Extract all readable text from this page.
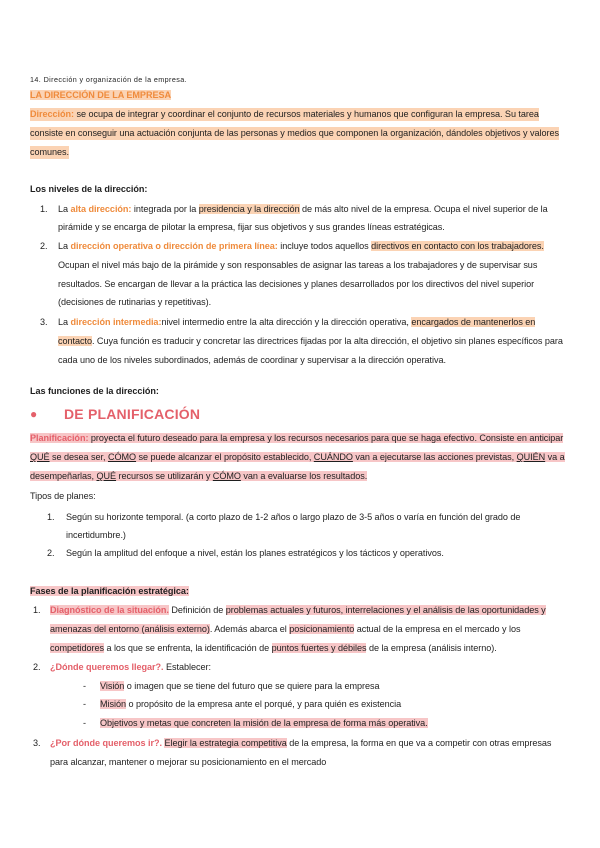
14. Dirección y organización de la empresa.
LA DIRECCIÓN DE LA EMPRESA
Dirección: se ocupa de integrar y coordinar el conjunto de recursos materiales y humanos que configuran la empresa. Su tarea
consiste en conseguir una actuación conjunta de las personas y medios que componen la organización, dándoles objetivos y valores
comunes.
Los niveles de la dirección:
1. La alta dirección: integrada por la presidencia y la dirección de más alto nivel de la empresa. Ocupa el nivel superior de la
pirámide y se encarga de pilotar la empresa, fijar sus objetivos y sus grandes líneas estratégicas.
2. La dirección operativa o dirección de primera línea: incluye todos aquellos directivos en contacto con los trabajadores.
Ocupan el nivel más bajo de la pirámide y son responsables de asignar las tareas a los trabajadores y de supervisar sus
resultados. Se encargan de llevar a la práctica las decisiones y planes desarrollados por los directivos del nivel superior
(decisiones de rutinarias y repetitivas).
3. La dirección intermedia:nivel intermedio entre la alta dirección y la dirección operativa, encargados de mantenerlos en
contacto. Cuya función es traducir y concretar las directrices fijadas por la alta dirección, el objetivo sin planes específicos para
cada uno de los niveles subordinados, además de coordinar y supervisar a la dirección operativa.
Las funciones de la dirección:
● DE PLANIFICACIÓN
Planificación: proyecta el futuro deseado para la empresa y los recursos necesarios para que se haga efectivo. Consiste en anticipar
QUÉ se desea ser, CÓMO se puede alcanzar el propósito establecido, CUÁNDO van a ejecutarse las acciones previstas, QUIÉN va a
desempeñarlas, QUÉ recursos se utilizarán y CÓMO van a evaluarse los resultados.
Tipos de planes:
1. Según su horizonte temporal. (a corto plazo de 1-2 años o largo plazo de 3-5 años o varía en función del grado de
incertidumbre.)
2. Según la amplitud del enfoque a nivel, están los planes estratégicos y los tácticos y operativos.
Fases de la planificación estratégica:
1. Diagnóstico de la situación. Definición de problemas actuales y futuros, interrelaciones y el análisis de las oportunidades y
amenazas del entorno (análisis externo). Además abarca el posicionamiento actual de la empresa en el mercado y los
competidores a los que se enfrenta, la identificación de puntos fuertes y débiles de la empresa (análisis interno).
2. ¿Dónde queremos llegar?. Establecer:
- Visión o imagen que se tiene del futuro que se quiere para la empresa
- Misión o propósito de la empresa ante el porqué, y para quién es existencia
- Objetivos y metas que concreten la misión de la empresa de forma más operativa.
3. ¿Por dónde queremos ir?. Elegir la estrategia competitiva de la empresa, la forma en que va a competir con otras empresas
para alcanzar, mantener o mejorar su posicionamiento en el mercado
